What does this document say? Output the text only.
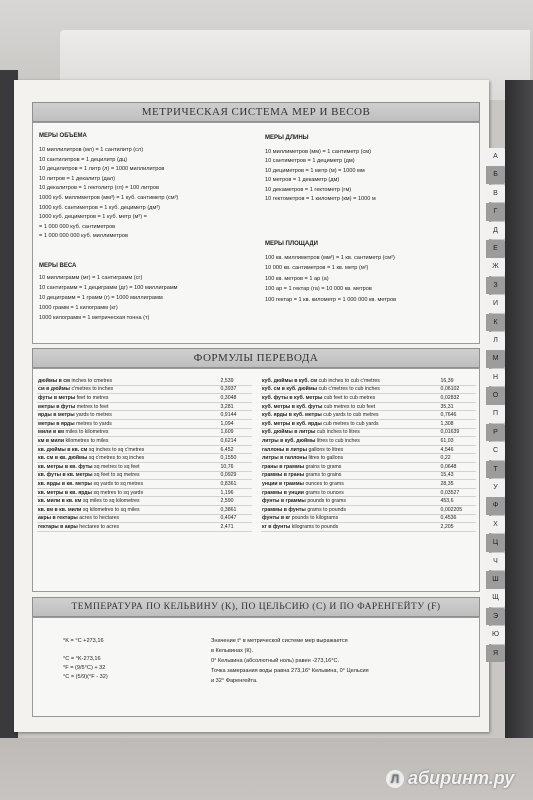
МЕТРИЧЕСКАЯ СИСТЕМА МЕР И ВЕСОВ
МЕРЫ ОБЪЕМА
10 миллилитров (мл) = 1 сантилитр (сл)
10 сантилитров = 1 децилитр (дц)
10 децилитров = 1 литр (л) = 1000 миллилитров
10 литров = 1 декалитр (дал)
10 декалитров = 1 гектолитр (гл) = 100 литров
1000 куб. миллиметров (мм³) = 1 куб. сантиметр (см³)
1000 куб. сантиметров = 1 куб. дециметр (дм³)
1000 куб. дециметров = 1 куб. метр (м³) =
= 1 000 000 куб. сантиметров
= 1 000 000 000 куб. миллиметров
МЕРЫ ВЕСА
10 миллиграмм (мг) = 1 сантиграмм (сг)
10 сантиграмм = 1 дециграмм (дг) = 100 миллиграмм
10 дециграмм = 1 грамм (г) = 1000 миллиграмм
1000 грамм = 1 килограмм (кг)
1000 килограмм = 1 метрическая тонна (т)
МЕРЫ ДЛИНЫ
10 миллиметров (мм) = 1 сантиметр (см)
10 сантиметров = 1 дециметр (дм)
10 дециметров = 1 метр (м) = 1000 мм
10 метров = 1 декаметр (дм)
10 декаметров = 1 гектометр (гм)
10 гектометров = 1 километр (км) = 1000 м
МЕРЫ ПЛОЩАДИ
100 кв. миллиметров (мм²) = 1 кв. сантиметр (см²)
10 000 кв. сантиметров = 1 кв. метр (м²)
100 кв. метров = 1 ар (а)
100 ар = 1 гектар (га) = 10 000 кв. метров
100 гектар = 1 кв. километр = 1 000 000 кв. метров
ФОРМУЛЫ ПЕРЕВОДА
дюймы в см inches to cmetres	2,539
см в дюймы c'metres to inches	0,3937
футы в метры feet to metres	0,3048
метры в футы metres to feet	3,281
ярды в метры yards to metres	0,9144
метры в ярды metres to yards	1,094
мили в км miles to kilometres	1,609
км в мили kilometres to miles	0,6214
кв. дюймы в кв. см sq inches to sq c'metres	6,452
кв. см в кв. дюймы sq c'metres to sq inches	0,1550
кв. метры в кв. футы sq metres to sq feet	10,76
кв. футы в кв. метры sq feet to sq metres	0,0929
кв. ярды в кв. метры sq yards to sq metres	0,8361
кв. метры в кв. ярды sq metres to sq yards	1,196
кв. мили в кв. км sq miles to sq kilometres	2,590
кв. км в кв. мили sq kilometres to sq miles	0,3861
акры в гектары acres to hectares	0,4047
гектары в акры hectares to acres	2,471
куб. дюймы в куб. см cub inches to cub c'metres	16,39
куб. см в куб. дюймы cub c'metres to cub inches	0,06102
куб. футы в куб. метры cub feet to cub metres	0,02832
куб. метры в куб. футы cub metres to cub feet	35,31
куб. ярды в куб. метры cub yards to cub metres	0,7646
куб. метры в куб. ярды cub metres to cub yards	1,308
куб. дюймы в литры cub inches to litres	0,01639
литры в куб. дюймы litres to cub inches	61,03
галлоны в литры gallons to litres	4,546
литры в галлоны litres to gallons	0,22
граны в граммы grains to grams	0,0648
граммы в граны grams to grains	15,43
унции в граммы ounces to grams	28,35
граммы в унции grams to ounces	0,03527
фунты в граммы pounds to grams	453,6
граммы в фунты grams to pounds	0,002205
фунты в кг pounds to kilograms	0,4536
кг в фунты kilograms to pounds	2,205
ТЕМПЕРАТУРА ПО КЕЛЬВИНУ (К), ПО ЦЕЛЬСИЮ (С) И ПО ФАРЕНГЕЙТУ (F)
°K = °C +273,16
°C = °K-273,16
°F = (9/5°C) + 32
°C = (5/9)(°F - 32)
Значение t° в метрической системе мер выражается
в Кельвинах (К).
0° Кельвина (абсолютный ноль) равен -273,16°С.
Точка замерзания воды равна 273,16° Кельвина, 0° Цельсия
и 32° Фаренгейта.
А
Б
В
Г
Д
Е
Ж
З
И
К
Л
М
Н
О
П
Р
С
Т
У
Ф
Х
Ц
Ч
Ш
Щ
Э
Ю
Я
Л абиринт.ру
